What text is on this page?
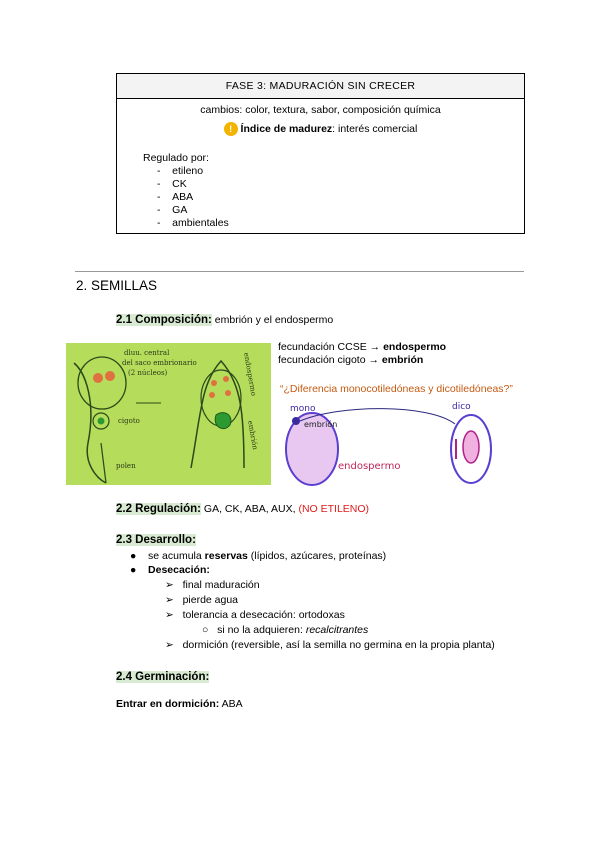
FASE 3: MADURACIÓN SIN CRECER
cambios: color, textura, sabor, composición química
! Índice de madurez: interés comercial
Regulado por:
-    etileno
-    CK
-    ABA
-    GA
-    ambientales
2. SEMILLAS
2.1 Composición: embrión y el endospermo
dluu. central
del saco embrionario
(2 núcleos)
cigoto
polen
endospermo
embrión
fecundación CCSE → endospermo
fecundación cigoto → embrión
“¿Diferencia monocotiledóneas y dicotiledóneas?”
mono	dico
embrión
endospermo
2.2 Regulación: GA, CK, ABA, AUX, (NO ETILENO)
2.3 Desarrollo:
●    se acumula reservas (lípidos, azúcares, proteínas)
●    Desecación:
➢   final maduración
➢   pierde agua
➢   tolerancia a desecación: ortodoxas
○   si no la adquieren: recalcitrantes
➢   dormición (reversible, así la semilla no germina en la propia planta)
2.4 Germinación:
Entrar en dormición: ABA
